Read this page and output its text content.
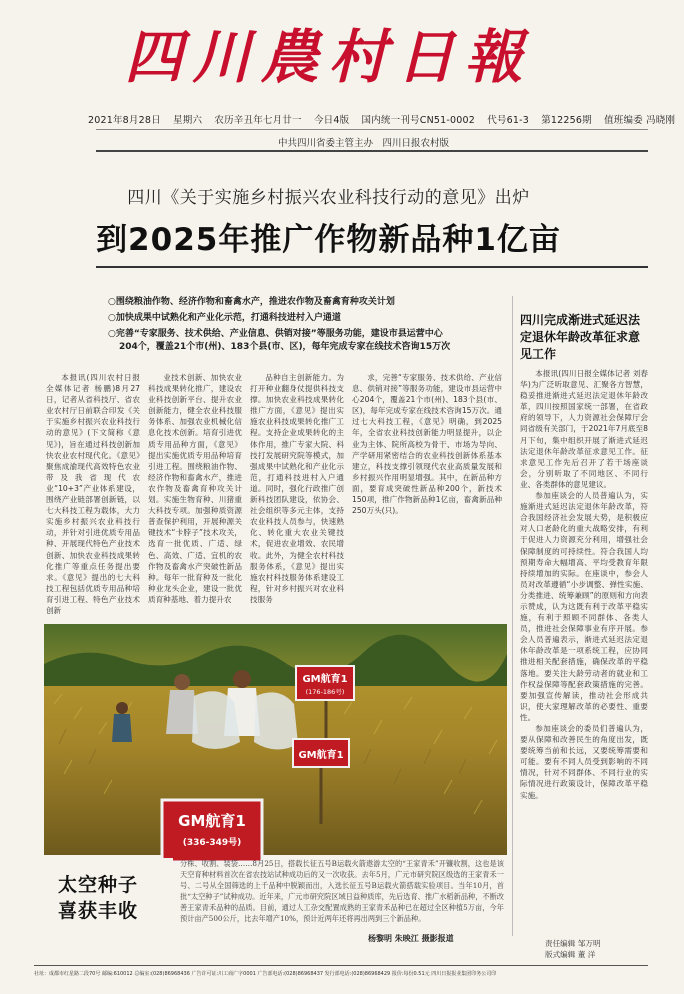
四川農村日報
2021年8月28日 星期六 农历辛丑年七月廿一 今日4版 国内统一刊号CN51-0002 代号61-3 第12256期 值班编委 冯晓刚
中共四川省委主管主办　四川日报农村版
四川《关于实施乡村振兴农业科技行动的意见》出炉
到2025年推广作物新品种1亿亩
○ 围绕粮油作物、经济作物和畜禽水产，推进农作物及畜禽育种攻关计划
○ 加快成果中试熟化和产业化示范，打通科技进村入户通道
○ 完善“专家服务、技术供给、产业信息、供销对接”等服务功能，建设市县运营中心
204个，覆盖21个市(州)、183个县(市、区)，每年完成专家在线技术咨询15万次

本报讯(四川农村日报全媒体记者 杨鹏)8月27日，记者从省科技厅、省农业农村厅日前联合印发《关于实施乡村振兴农业科技行动的意见》(下文简称《意见》)，旨在通过科技创新加快农业农村现代化。《意见》聚焦成渝现代高效特色农业带及我省现代农业“10+3”产业体系建设，围绕产业链部署创新链，以七大科技工程为载体，大力实施乡村振兴农业科技行动，并针对引进优质专用品种、开展现代特色产业技术创新、加快农业科技成果转化推广等重点任务提出要求。《意见》提出的七大科技工程包括优质专用品种培育引进工程、特色产业技术创新

业技术创新、加快农业科技成果转化推广，建设农业科技创新平台、提升农业创新能力，健全农业科技服务体系、加强农业机械化信息化技术创新。培育引进优质专用品种方面，《意见》提出实施优质专用品种培育引进工程。围绕粮油作物、经济作物和畜禽水产，推进农作物及畜禽育种攻关计划。实施生物育种、川猪重大科技专项。加强种质资源普查保护利用，开展种源关键技术“卡脖子”技术攻关，选育一批优质、广适、绿色、高效、广适、宜机的农作物及畜禽水产突破性新品种。每年一批育种及一批化种业龙头企业，建设一批优质育种基地、着力提升农

品种自主创新能力。为打开种业翻身仗提供科技支撑。加快农业科技成果转化推广方面，《意见》提出实施农业科技成果转化推广工程。支持企业成果转化的主体作用，推广专家大院、科技打发展研究院等模式，加强成果中试熟化和产业化示范，打通科技进村入户通道。同时，强化行政推广创新科技团队建设，依协会、社会组织等多元主体，支持农业科技人员参与，快速熟化、转化重大农业关键技术，促进农业增效、农民增收。此外，为健全农村科技服务体系，《意见》提出实施农村科技服务体系建设工程，针对乡村振兴对农业科技服务

求，完善“专家服务、技术供给、产业信息、供销对接”等服务功能，建设市县运营中心204个，覆盖21个市(州)、183个县(市、区)，每年完成专家在线技术咨询15万次。通过七大科技工程，《意见》明确，到2025年，全省农业科技创新能力明显提升，以企业为主体、院所高校为骨干、市场为导向、产学研用紧密结合的农业科技创新体系基本建立，科技支撑引领现代农业高质量发展和乡村振兴作用明显增强。其中，在新品种方面，要育成突破性新品种200个，新技术150项，推广作物新品种1亿亩，畜禽新品种250万头(只)。

四川完成渐进式延迟法定退休年龄改革征求意见工作

本报讯(四川日报全媒体记者 刘春华)为广泛听取意见、汇聚各方智慧，稳妥推进渐进式延迟法定退休年龄改革，四川按照国家统一部署，在省政府的领导下，人力资源社会保障厅会同省级有关部门，于2021年7月底至8月下旬，集中组织开展了渐进式延迟法定退休年龄改革征求意见工作。征求意见工作先后召开了若干场座谈会，分别听取了不同地区、不同行业、各类群体的意见建议。

参加座谈会的人员普遍认为，实施渐进式延迟法定退休年龄改革，符合我国经济社会发展大势，是积极应对人口老龄化的重大战略安排，有利于促进人力资源充分利用，增强社会保障制度的可持续性。符合我国人均预期寿命大幅增高、平均受教育年限持续增加的实际。在座谈中，参会人员对改革遵循“小步调整、弹性实施、分类推进、统筹兼顾”的原则和方向表示赞成，认为这既有利于改革平稳实施，有利于照顾不同群体、各类人员，推进社会保障事业有序开展。参会人员普遍表示，渐进式延迟法定退休年龄改革是一项系统工程，应协同推进相关配套措施，确保改革的平稳落地。要关注大龄劳动者的就业和工作权益保障等配套政策措施的完善。要加强宣传解读，推动社会形成共识，使大家理解改革的必要性、重要性。

参加座谈会的委员们普遍认为，要从保障和改善民生的角度出发，既要统筹当前和长远，又要统筹需要和可能。要有不同人员受到影响的不同情况，针对不同群体、不同行业的实际情况进行政策设计，保障改革平稳实施。

责任编辑 邹万明
版式编辑 董 洋
GM航育1
(176-186号)
GM航育1
GM航育1
(336-349号)
太空种子
喜获丰收
分株、收割、装袋……8月25日，搭载长征五号B运载火箭遨游太空的“王家青禾”开镰收割，这也是该天空育种材料首次在省农技站试种成功后的又一次收获。去年5月，广元市研究院区级选的王家青禾一号、二号从全国筛选的上千品种中脱颖而出，入选长征五号B运载火箭搭载实验项目。当年10月，首批“太空种子”试种成功。近年来，广元市研究院区域日益种质库，先后选育、推广水稻新品种，不断改善王家青禾品种的品质。目前，通过人工杂交配置成熟的王家青禾品种已在超过全区种植5万亩，今年预计亩产500公斤，比去年增产10%，预计近两年还将再出两到三个新品种。
杨黎明 朱映江 摄影报道
社址：成都市红星路二段70号 邮编:610012 总编室:(028)86968436 广告许可证:川工商广字0001 广告部电话:(028)86968437 发行部电话:(028)86968429 报价:每份0.51元 四川日报报业集团印务公司印
